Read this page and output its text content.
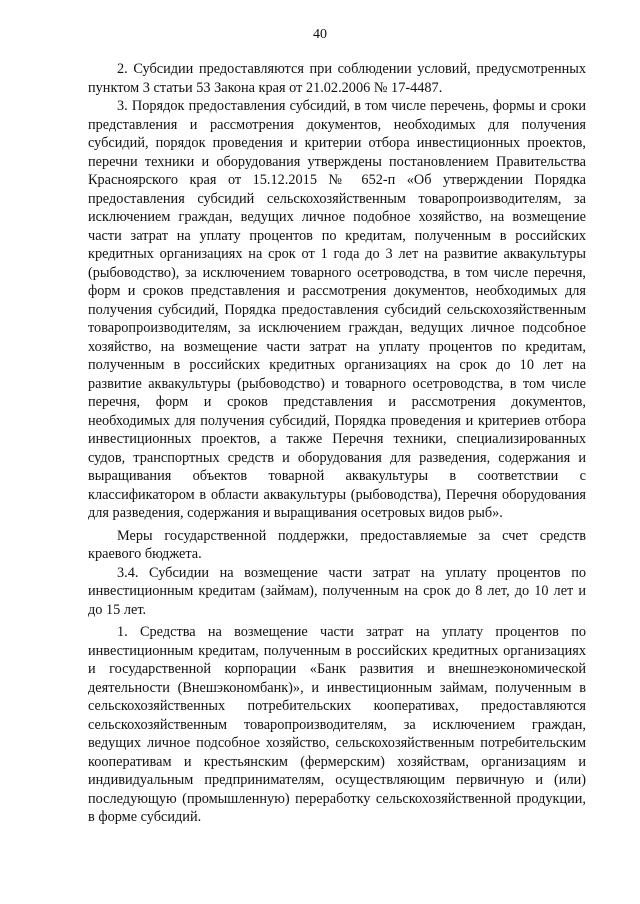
40

2. Субсидии предоставляются при соблюдении условий, предусмотренных пунктом 3 статьи 53 Закона края от 21.02.2006 № 17-4487.

3. Порядок предоставления субсидий, в том числе перечень, формы и сроки представления и рассмотрения документов, необходимых для получения субсидий, порядок проведения и критерии отбора инвестиционных проектов, перечни техники и оборудования утверждены постановлением Правительства Красноярского края от 15.12.2015 № 652-п «Об утверждении Порядка предоставления субсидий сельскохозяйственным товаропроизводителям, за исключением граждан, ведущих личное подобное хозяйство, на возмещение части затрат на уплату процентов по кредитам, полученным в российских кредитных организациях на срок от 1 года до 3 лет на развитие аквакультуры (рыбоводство), за исключением товарного осетроводства, в том числе перечня, форм и сроков представления и рассмотрения документов, необходимых для получения субсидий, Порядка предоставления субсидий сельскохозяйственным товаропроизводителям, за исключением граждан, ведущих личное подсобное хозяйство, на возмещение части затрат на уплату процентов по кредитам, полученным в российских кредитных организациях на срок до 10 лет на развитие аквакультуры (рыбоводство) и товарного осетроводства, в том числе перечня, форм и сроков представления и рассмотрения документов, необходимых для получения субсидий, Порядка проведения и критериев отбора инвестиционных проектов, а также Перечня техники, специализированных судов, транспортных средств и оборудования для разведения, содержания и выращивания объектов товарной аквакультуры в соответствии с классификатором в области аквакультуры (рыбоводства), Перечня оборудования для разведения, содержания и выращивания осетровых видов рыб».

Меры государственной поддержки, предоставляемые за счет средств краевого бюджета.

3.4. Субсидии на возмещение части затрат на уплату процентов по инвестиционным кредитам (займам), полученным на срок до 8 лет, до 10 лет и до 15 лет.

1. Средства на возмещение части затрат на уплату процентов по инвестиционным кредитам, полученным в российских кредитных организациях и государственной корпорации «Банк развития и внешнеэкономической деятельности (Внешэкономбанк)», и инвестиционным займам, полученным в сельскохозяйственных потребительских кооперативах, предоставляются сельскохозяйственным товаропроизводителям, за исключением граждан, ведущих личное подсобное хозяйство, сельскохозяйственным потребительским кооперативам и крестьянским (фермерским) хозяйствам, организациям и индивидуальным предпринимателям, осуществляющим первичную и (или) последующую (промышленную) переработку сельскохозяйственной продукции, в форме субсидий.
